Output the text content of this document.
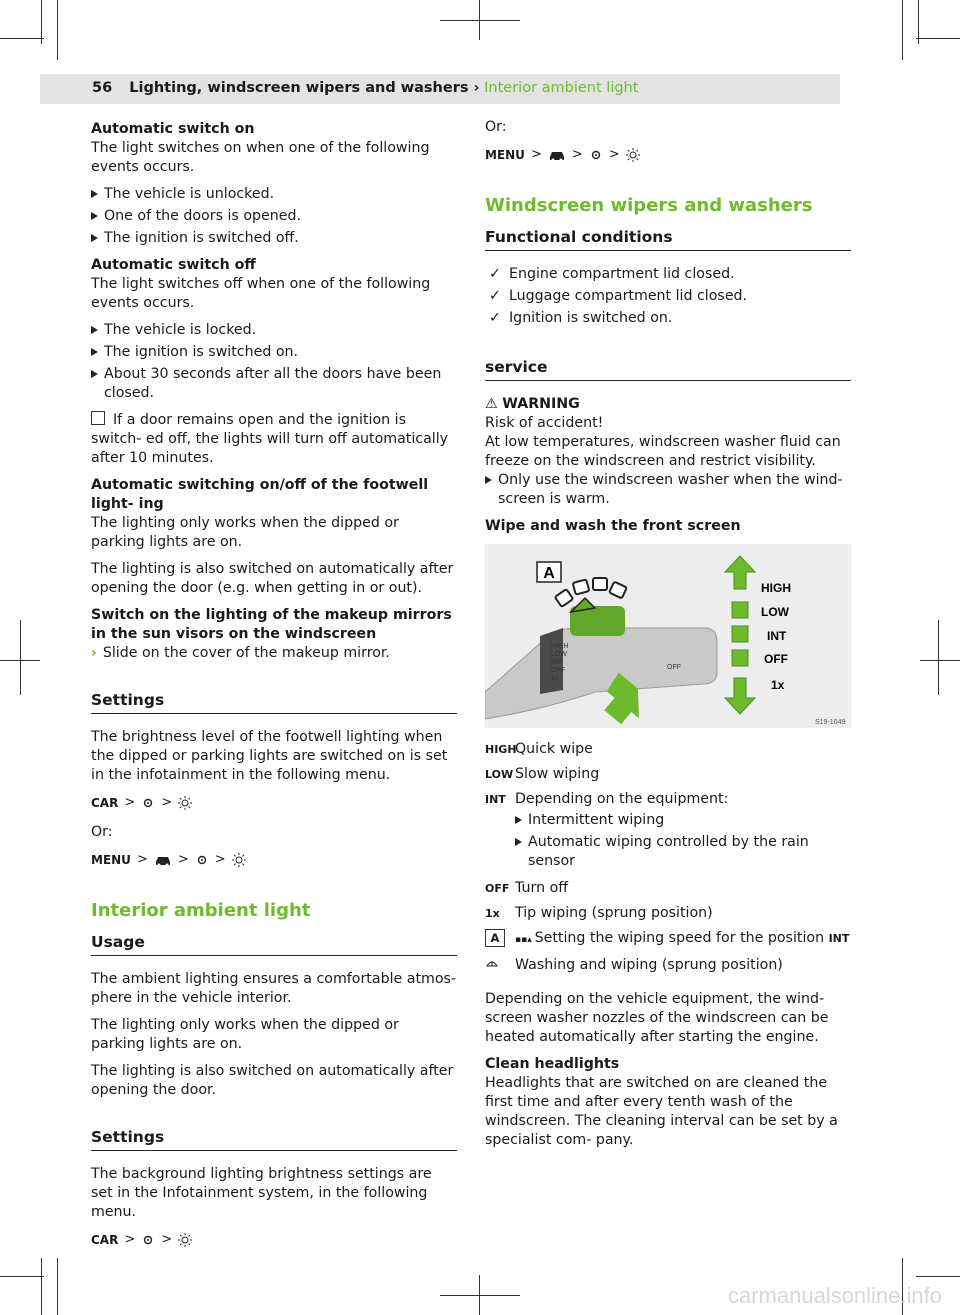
56 Lighting, windscreen wipers and washers › Interior ambient light

Automatic switch on

The light switches on when one of the following events occurs.

The vehicle is unlocked.
One of the doors is opened.
The ignition is switched off.

Automatic switch off

The light switches off when one of the following events occurs.

The vehicle is locked.
The ignition is switched on.
About 30 seconds after all the doors have been closed.

If a door remains open and the ignition is switch- ed off, the lights will turn off automatically after 10 minutes.

Automatic switching on/off of the footwell light- ing

The lighting only works when the dipped or parking lights are on.

The lighting is also switched on automatically after opening the door (e.g. when getting in or out).

Switch on the lighting of the makeup mirrors in the sun visors on the windscreen

› Slide on the cover of the makeup mirror.

Settings

The brightness level of the footwell lighting when the dipped or parking lights are switched on is set in the infotainment in the following menu.

CAR > >

Or:

MENU > > >
Interior ambient light
Usage

The ambient lighting ensures a comfortable atmos- phere in the vehicle interior.

The lighting only works when the dipped or parking lights are on.

The lighting is also switched on automatically after opening the door.

Settings

The background lighting brightness settings are set in the Infotainment system, in the following menu.

CAR > >

Or:

MENU > > >
Windscreen wipers and washers
Functional conditions
✓ Engine compartment lid closed.
✓ Luggage compartment lid closed.
✓ Ignition is switched on.
service

⚠ WARNING

Risk of accident!

At low temperatures, windscreen washer fluid can freeze on the windscreen and restrict visibility.

Only use the windscreen washer when the wind- screen is warm.

Wipe and wash the front screen

A
HIGH
LOW
INT
OFF
1x
OFF
HIGH
LOW
INT
OFF
1x
S19-1049
HIGH
Quick wipe
LOW Slow wiping
INT Depending on the equipment:
Intermittent wiping
Automatic wiping controlled by the rain sensor
OFF Turn off
1x	Tip wiping (sprung position)
A	▪▪▴ Setting the wiping speed for the position INT
Washing and wiping (sprung position)

Depending on the vehicle equipment, the wind- screen washer nozzles of the windscreen can be heated automatically after starting the engine.

Clean headlights

Headlights that are switched on are cleaned the first time and after every tenth wash of the windscreen. The cleaning interval can be set by a specialist com- pany.

carmanualsonline.info
